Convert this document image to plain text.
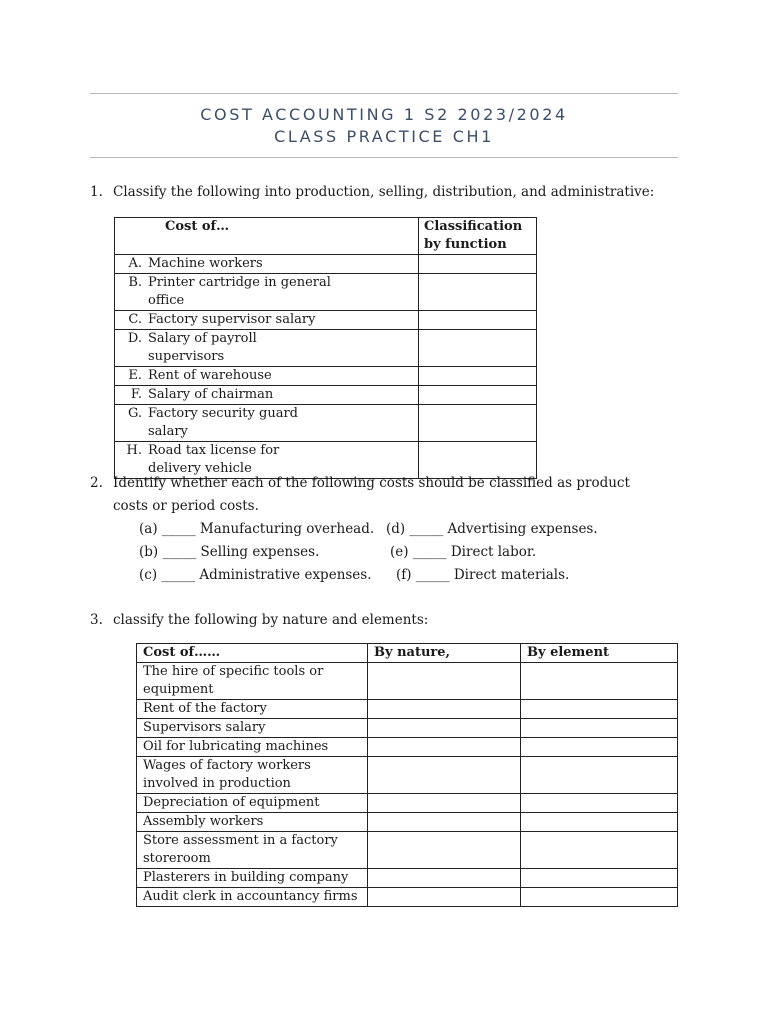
COST ACCOUNTING 1 S2 2023/2024
CLASS PRACTICE CH1
1. Classify the following into production, selling, distribution, and administrative:
Cost of…	Classification by function
A. Machine workers	
B. Printer cartridge in general office	
C. Factory supervisor salary	
D. Salary of payroll supervisors	
E. Rent of warehouse	
F. Salary of chairman	
G. Factory security guard salary	
H. Road tax license for delivery vehicle	
2. Identify whether each of the following costs should be classified as product costs or period costs.
(a) _____ Manufacturing overhead.
(b) _____ Selling expenses.
(c) _____ Administrative expenses.
(d) _____ Advertising expenses.
(e) _____ Direct labor.
(f) _____ Direct materials.
3. classify the following by nature and elements:
Cost of……	By nature,	By element
The hire of specific tools or equipment		
Rent of the factory		
Supervisors salary		
Oil for lubricating machines		
Wages of factory workers involved in production		
Depreciation of equipment		
Assembly workers		
Store assessment in a factory storeroom		
Plasterers in building company		
Audit clerk in accountancy firms		
